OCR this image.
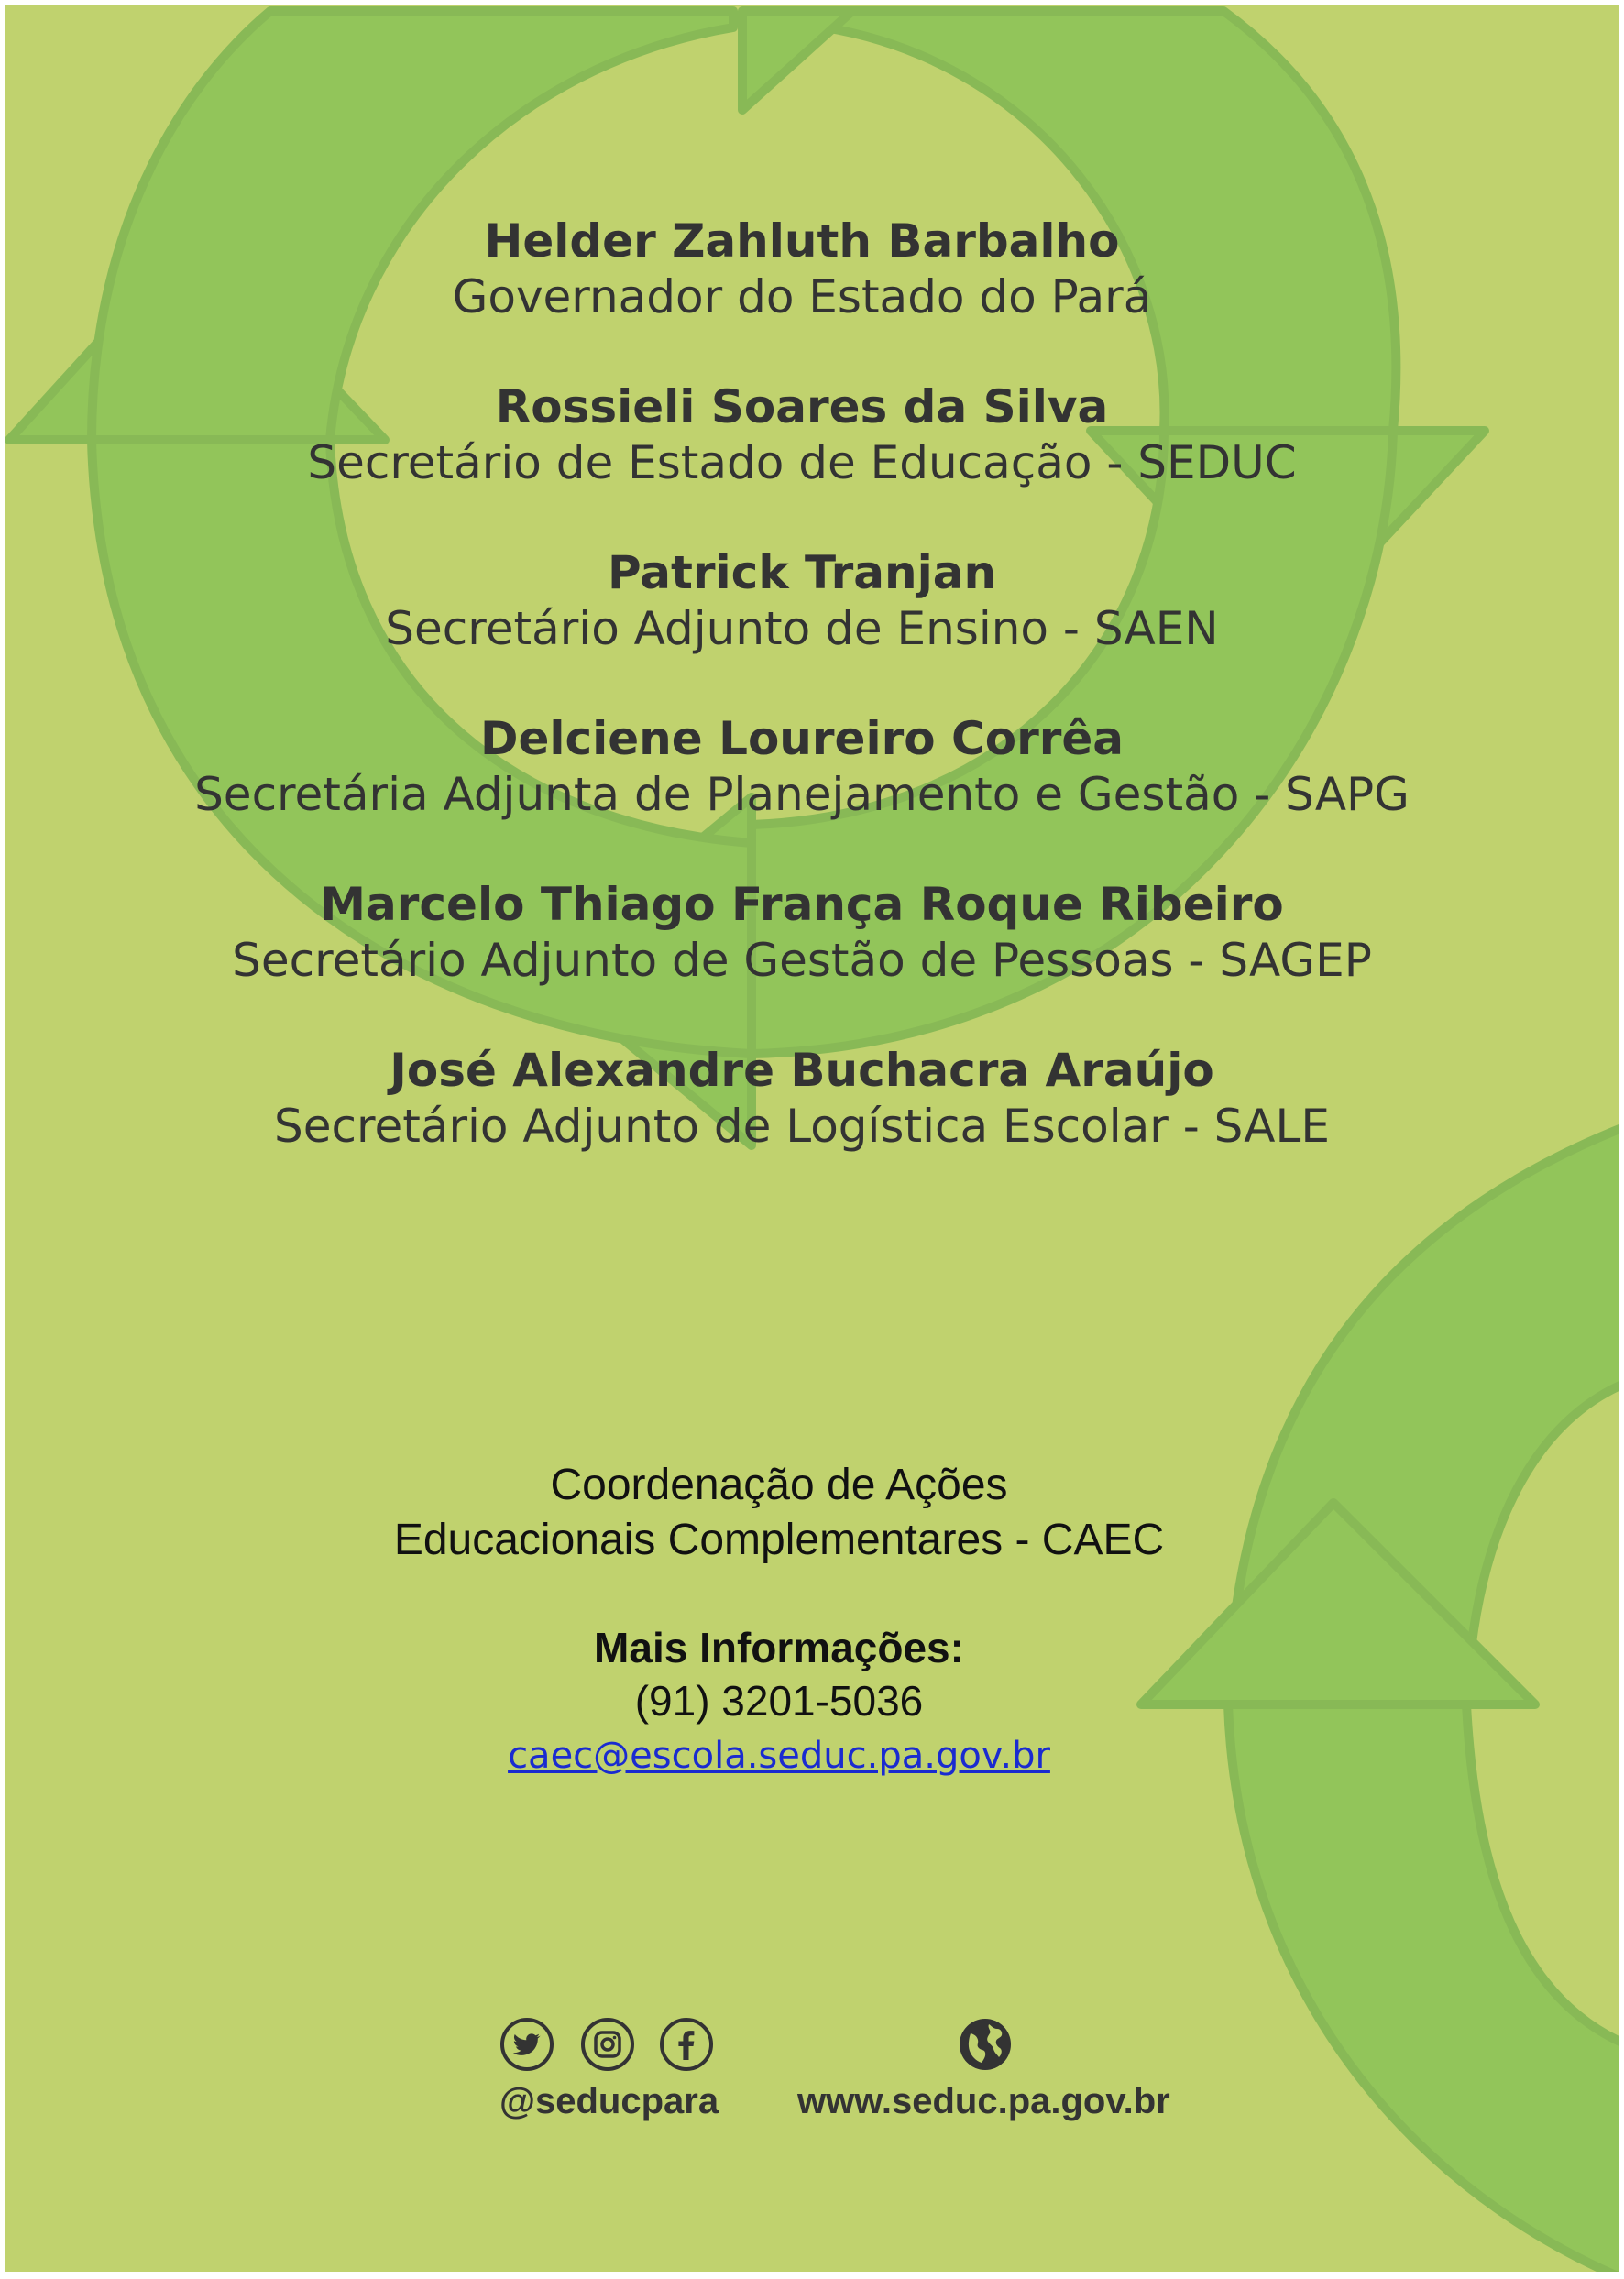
Helder Zahluth Barbalho
Governador do Estado do Pará
Rossieli Soares da Silva
Secretário de Estado de Educação - SEDUC
Patrick Tranjan
Secretário Adjunto de Ensino - SAEN
Delciene Loureiro Corrêa
Secretária Adjunta de Planejamento e Gestão - SAPG
Marcelo Thiago França Roque Ribeiro
Secretário Adjunto de Gestão de Pessoas - SAGEP
José Alexandre Buchacra Araújo
Secretário Adjunto de Logística Escolar - SALE
Coordenação de Ações
Educacionais Complementares - CAEC
Mais Informações:
(91) 3201-5036
caec@escola.seduc.pa.gov.br
@seducpara www.seduc.pa.gov.br
